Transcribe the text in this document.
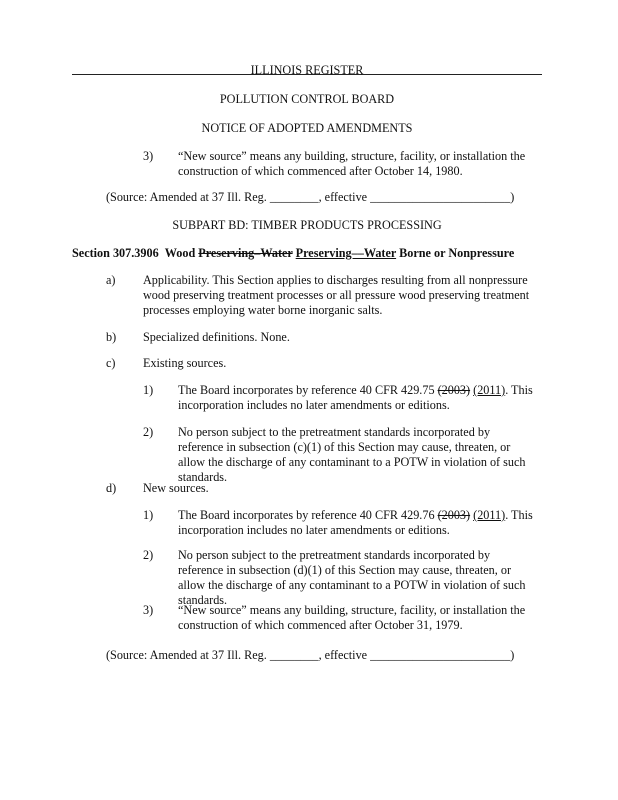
ILLINOIS REGISTER
POLLUTION CONTROL BOARD
NOTICE OF ADOPTED AMENDMENTS
3) “New source” means any building, structure, facility, or installation the construction of which commenced after October 14, 1980.
(Source: Amended at 37 Ill. Reg. ________, effective _______________________)
SUBPART BD: TIMBER PRODUCTS PROCESSING
Section 307.3906 Wood Preserving–Water Preserving––Water Borne or Nonpressure
a) Applicability. This Section applies to discharges resulting from all nonpressure wood preserving treatment processes or all pressure wood preserving treatment processes employing water borne inorganic salts.
b) Specialized definitions. None.
c) Existing sources.
1) The Board incorporates by reference 40 CFR 429.75 (2003) (2011). This incorporation includes no later amendments or editions.
2) No person subject to the pretreatment standards incorporated by reference in subsection (c)(1) of this Section may cause, threaten, or allow the discharge of any contaminant to a POTW in violation of such standards.
d) New sources.
1) The Board incorporates by reference 40 CFR 429.76 (2003) (2011). This incorporation includes no later amendments or editions.
2) No person subject to the pretreatment standards incorporated by reference in subsection (d)(1) of this Section may cause, threaten, or allow the discharge of any contaminant to a POTW in violation of such standards.
3) “New source” means any building, structure, facility, or installation the construction of which commenced after October 31, 1979.
(Source: Amended at 37 Ill. Reg. ________, effective _______________________)
